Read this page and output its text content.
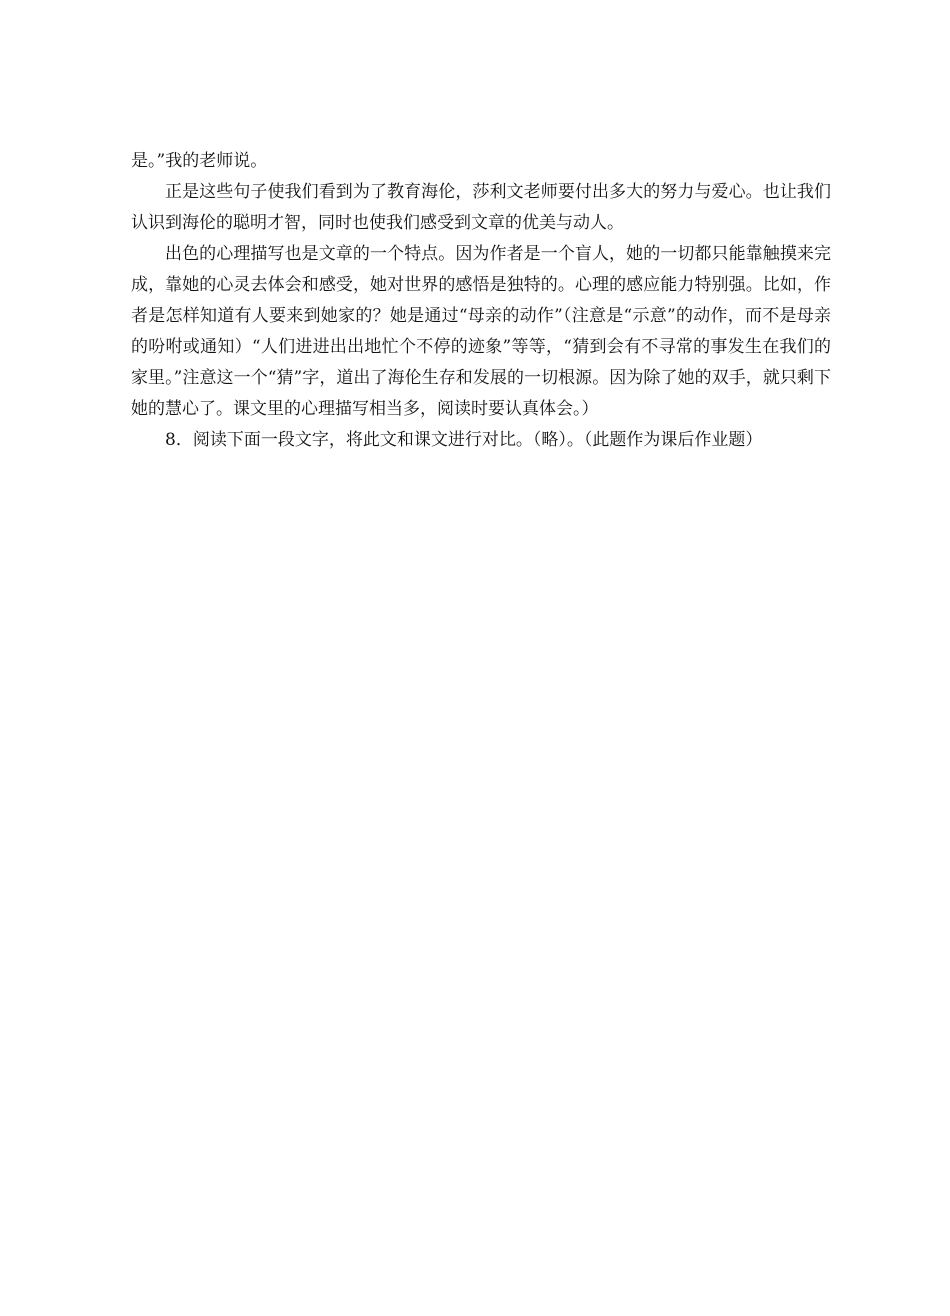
是。”我的老师说。

正是这些句子使我们看到为了教育海伦，莎利文老师要付出多大的努力与爱心。也让我们认识到海伦的聪明才智，同时也使我们感受到文章的优美与动人。

出色的心理描写也是文章的一个特点。因为作者是一个盲人，她的一切都只能靠触摸来完成，靠她的心灵去体会和感受，她对世界的感悟是独特的。心理的感应能力特别强。比如，作者是怎样知道有人要来到她家的？她是通过“母亲的动作”（注意是“示意”的动作，而不是母亲的吩咐或通知）“人们进进出出地忙个不停的迹象”等等，“猜到会有不寻常的事发生在我们的家里。”注意这一个“猜”字，道出了海伦生存和发展的一切根源。因为除了她的双手，就只剩下她的慧心了。课文里的心理描写相当多，阅读时要认真体会。）

8．阅读下面一段文字，将此文和课文进行对比。（略）。（此题作为课后作业题）
